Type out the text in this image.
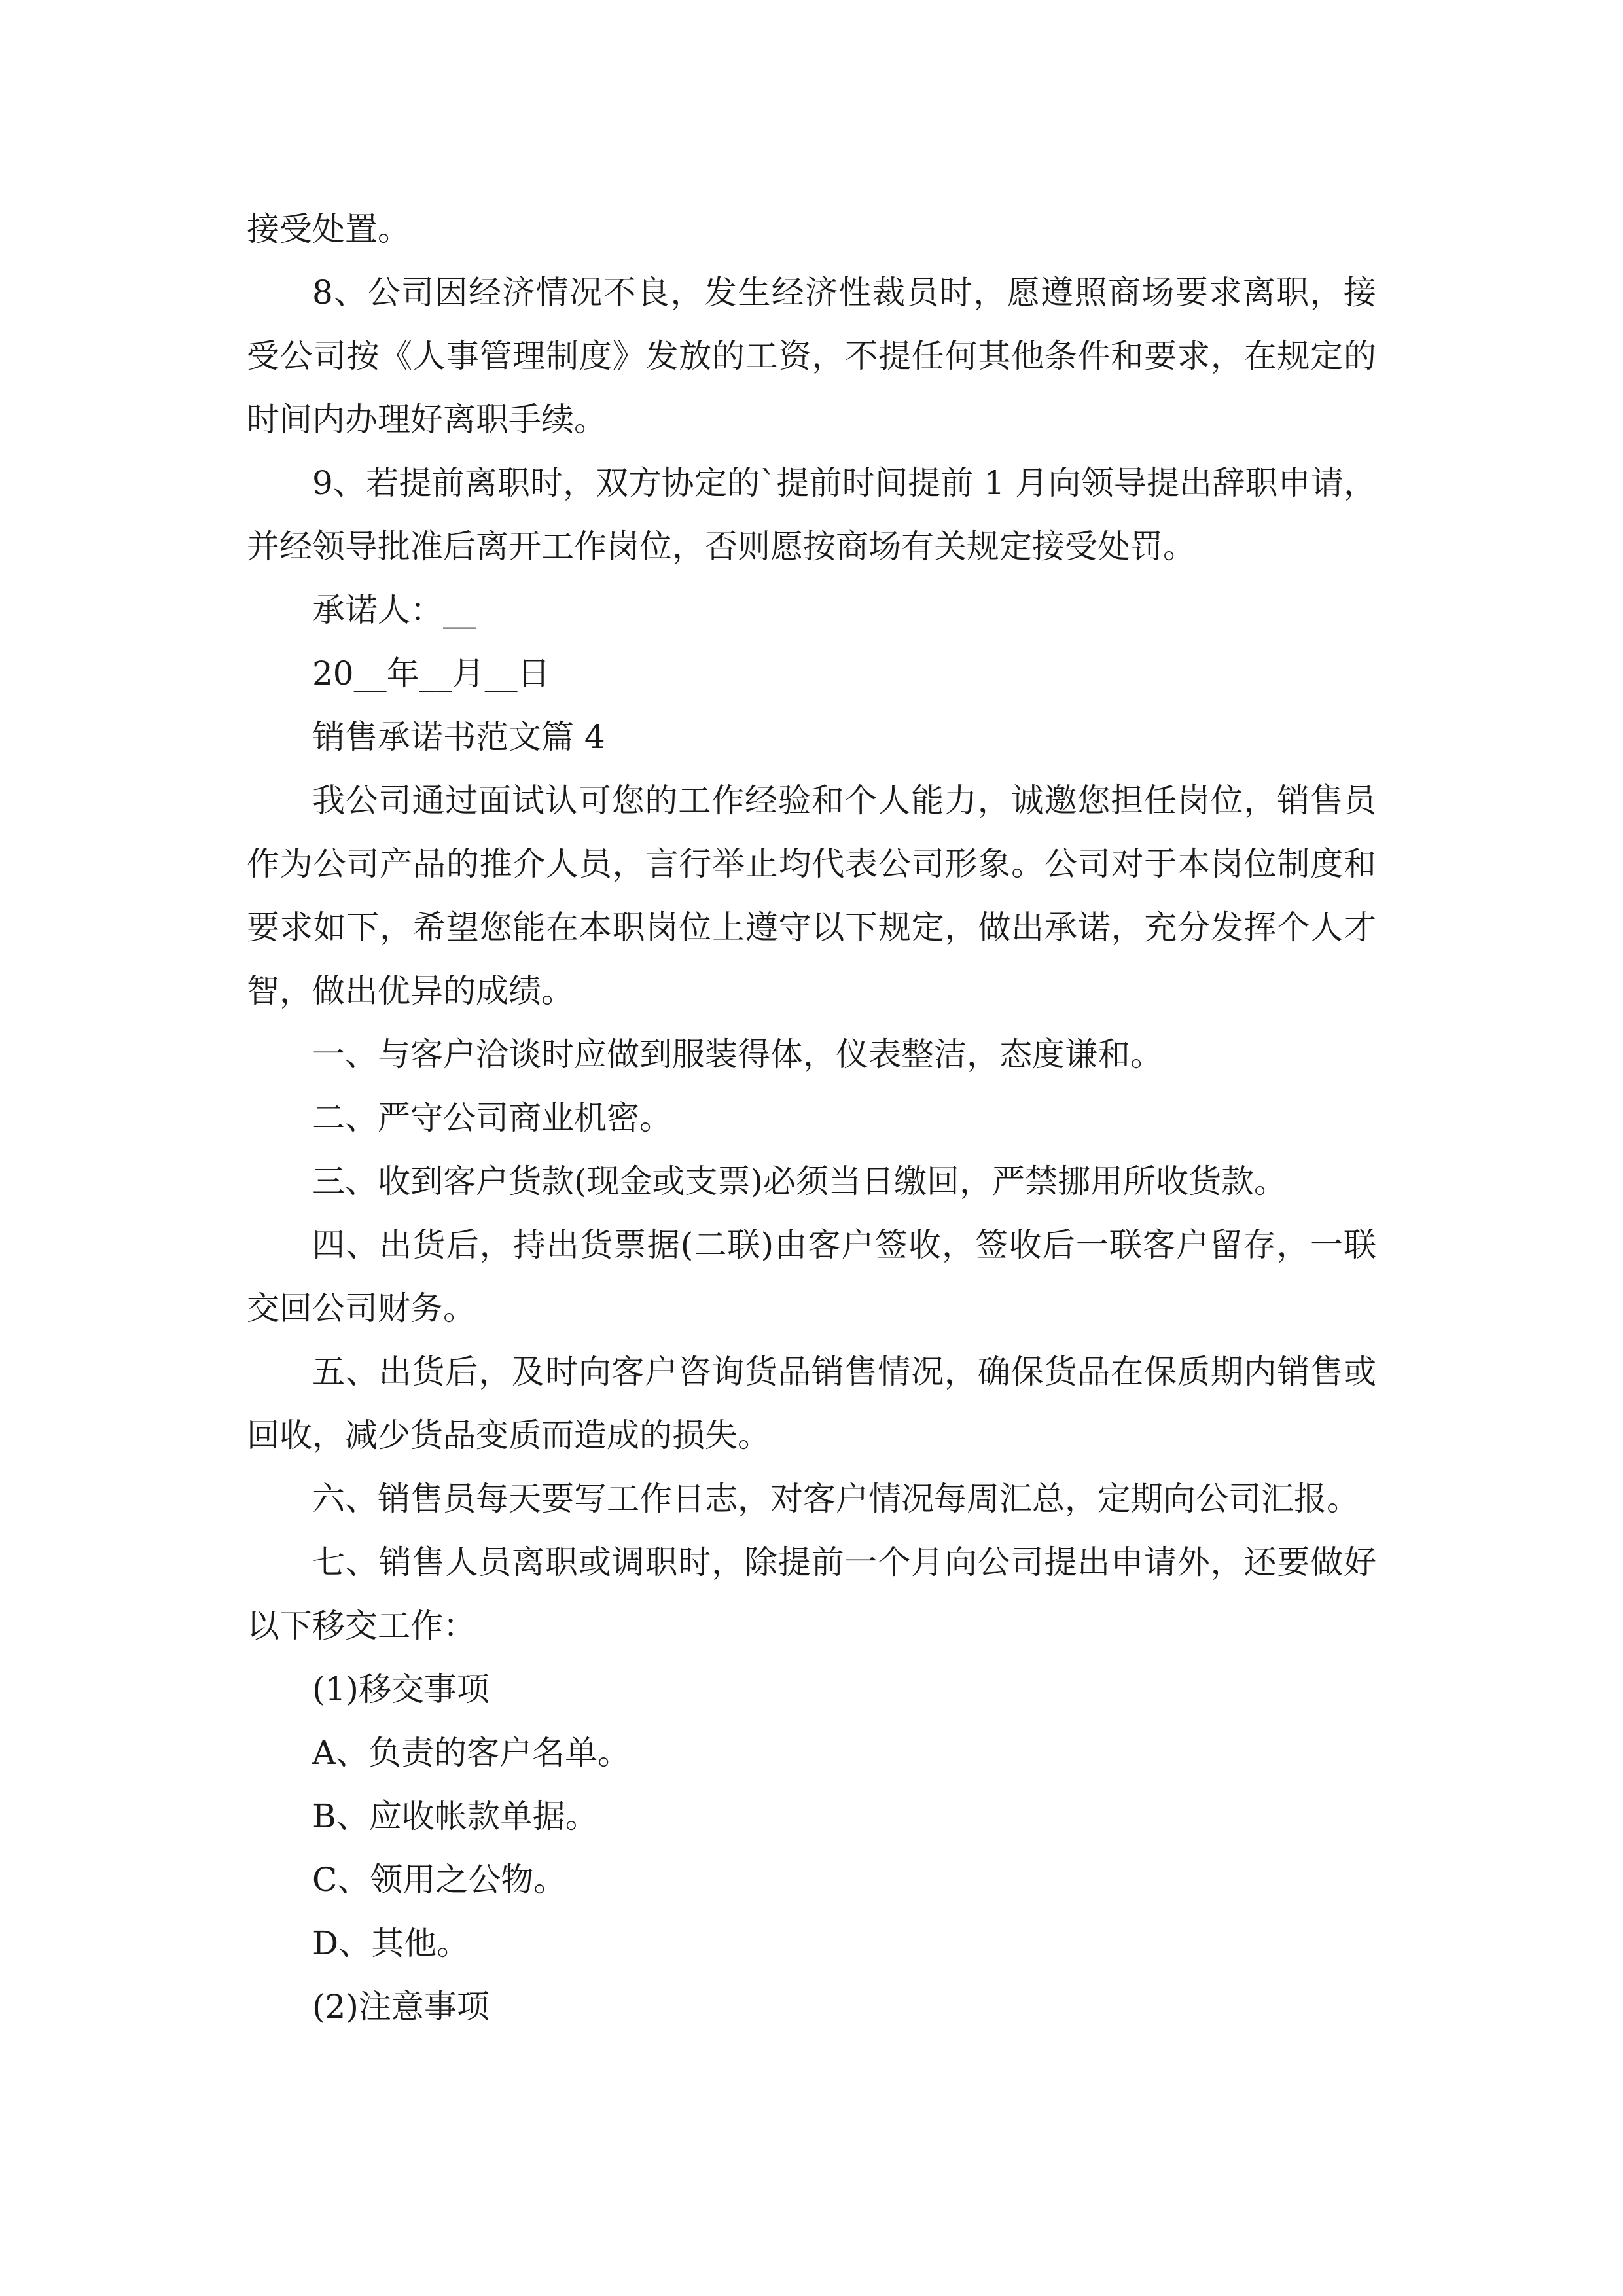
接受处置。

8、公司因经济情况不良，发生经济性裁员时，愿遵照商场要求离职，接受公司按《人事管理制度》发放的工资，不提任何其他条件和要求，在规定的时间内办理好离职手续。

9、若提前离职时，双方协定的`提前时间提前 1 月向领导提出辞职申请，并经领导批准后离开工作岗位，否则愿按商场有关规定接受处罚。

承诺人：__

20__年__月__日

销售承诺书范文篇 4

我公司通过面试认可您的工作经验和个人能力，诚邀您担任岗位，销售员作为公司产品的推介人员，言行举止均代表公司形象。公司对于本岗位制度和要求如下，希望您能在本职岗位上遵守以下规定，做出承诺，充分发挥个人才智，做出优异的成绩。

一、与客户洽谈时应做到服装得体，仪表整洁，态度谦和。

二、严守公司商业机密。

三、收到客户货款(现金或支票)必须当日缴回，严禁挪用所收货款。

四、出货后，持出货票据(二联)由客户签收，签收后一联客户留存，一联交回公司财务。

五、出货后，及时向客户咨询货品销售情况，确保货品在保质期内销售或回收，减少货品变质而造成的损失。

六、销售员每天要写工作日志，对客户情况每周汇总，定期向公司汇报。

七、销售人员离职或调职时，除提前一个月向公司提出申请外，还要做好以下移交工作：

(1)移交事项

A、负责的客户名单。

B、应收帐款单据。

C、领用之公物。

D、其他。

(2)注意事项
